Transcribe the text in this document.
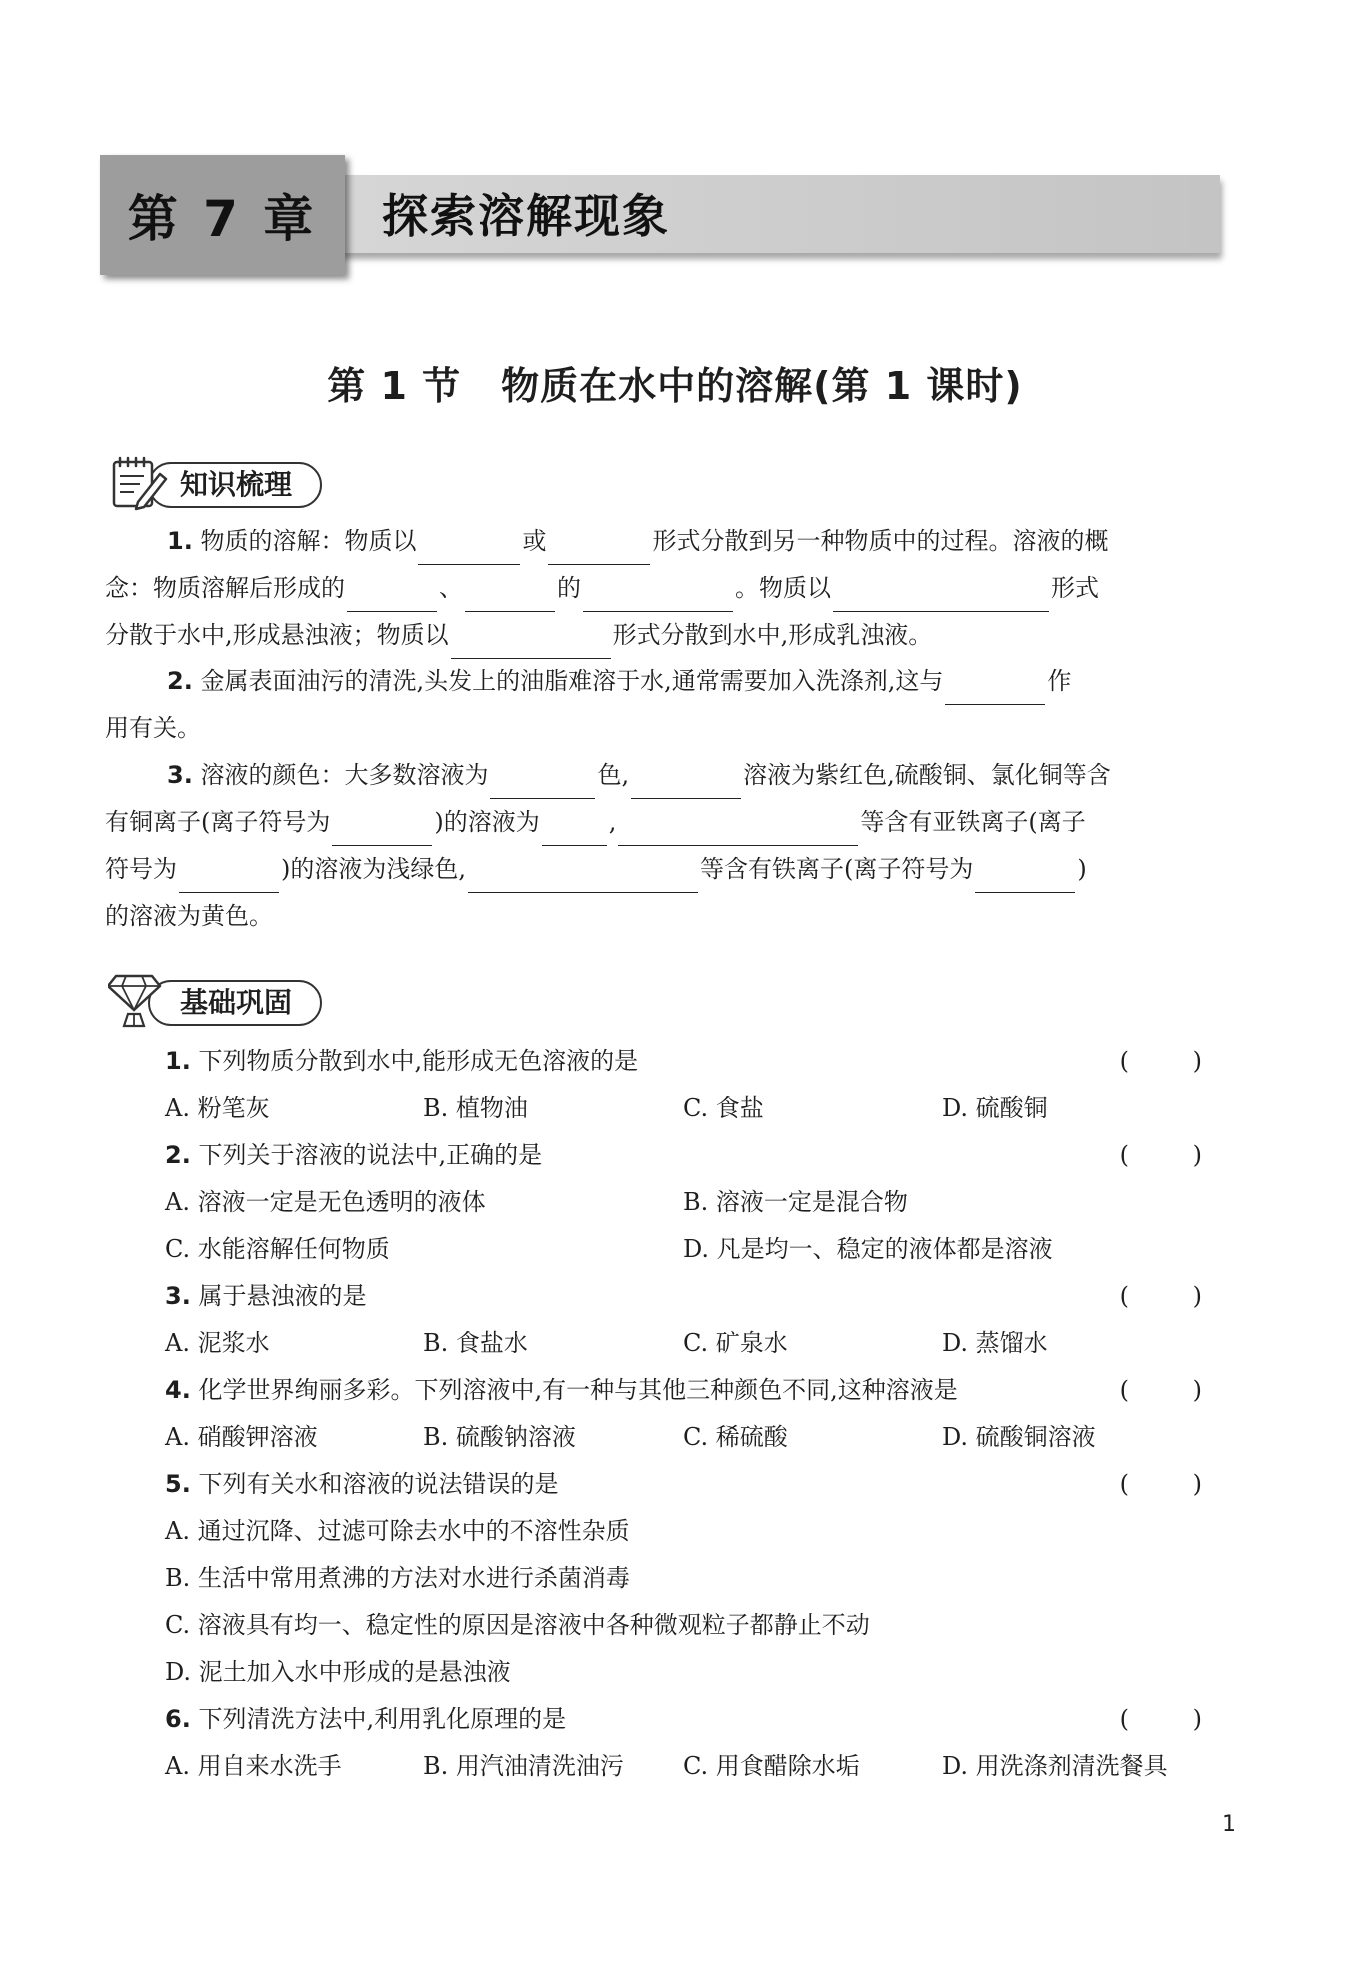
第 7 章 探索溶解现象
第 1 节 物质在水中的溶解(第 1 课时)
知识梳理
1. 物质的溶解：物质以	或	形式分散到另一种物质中的过程。溶液的概
念：物质溶解后形成的	、	的	。物质以	形式
分散于水中,形成悬浊液；物质以	形式分散到水中,形成乳浊液。
2. 金属表面油污的清洗,头发上的油脂难溶于水,通常需要加入洗涤剂,这与	作
用有关。
3. 溶液的颜色：大多数溶液为	色,	溶液为紫红色,硫酸铜、氯化铜等含
有铜离子(离子符号为	)的溶液为	,	等含有亚铁离子(离子
符号为	)的溶液为浅绿色,	等含有铁离子(离子符号为	)
的溶液为黄色。
基础巩固
1. 下列物质分散到水中,能形成无色溶液的是	( )
A. 粉笔灰	B. 植物油	C. 食盐	D. 硫酸铜
2. 下列关于溶液的说法中,正确的是	( )
A. 溶液一定是无色透明的液体	B. 溶液一定是混合物
C. 水能溶解任何物质	D. 凡是均一、稳定的液体都是溶液
3. 属于悬浊液的是	( )
A. 泥浆水	B. 食盐水	C. 矿泉水	D. 蒸馏水
4. 化学世界绚丽多彩。下列溶液中,有一种与其他三种颜色不同,这种溶液是	( )
A. 硝酸钾溶液	B. 硫酸钠溶液	C. 稀硫酸	D. 硫酸铜溶液
5. 下列有关水和溶液的说法错误的是	( )
A. 通过沉降、过滤可除去水中的不溶性杂质
B. 生活中常用煮沸的方法对水进行杀菌消毒
C. 溶液具有均一、稳定性的原因是溶液中各种微观粒子都静止不动
D. 泥土加入水中形成的是悬浊液
6. 下列清洗方法中,利用乳化原理的是	( )
A. 用自来水洗手	B. 用汽油清洗油污 C. 用食醋除水垢	D. 用洗涤剂清洗餐具
1
